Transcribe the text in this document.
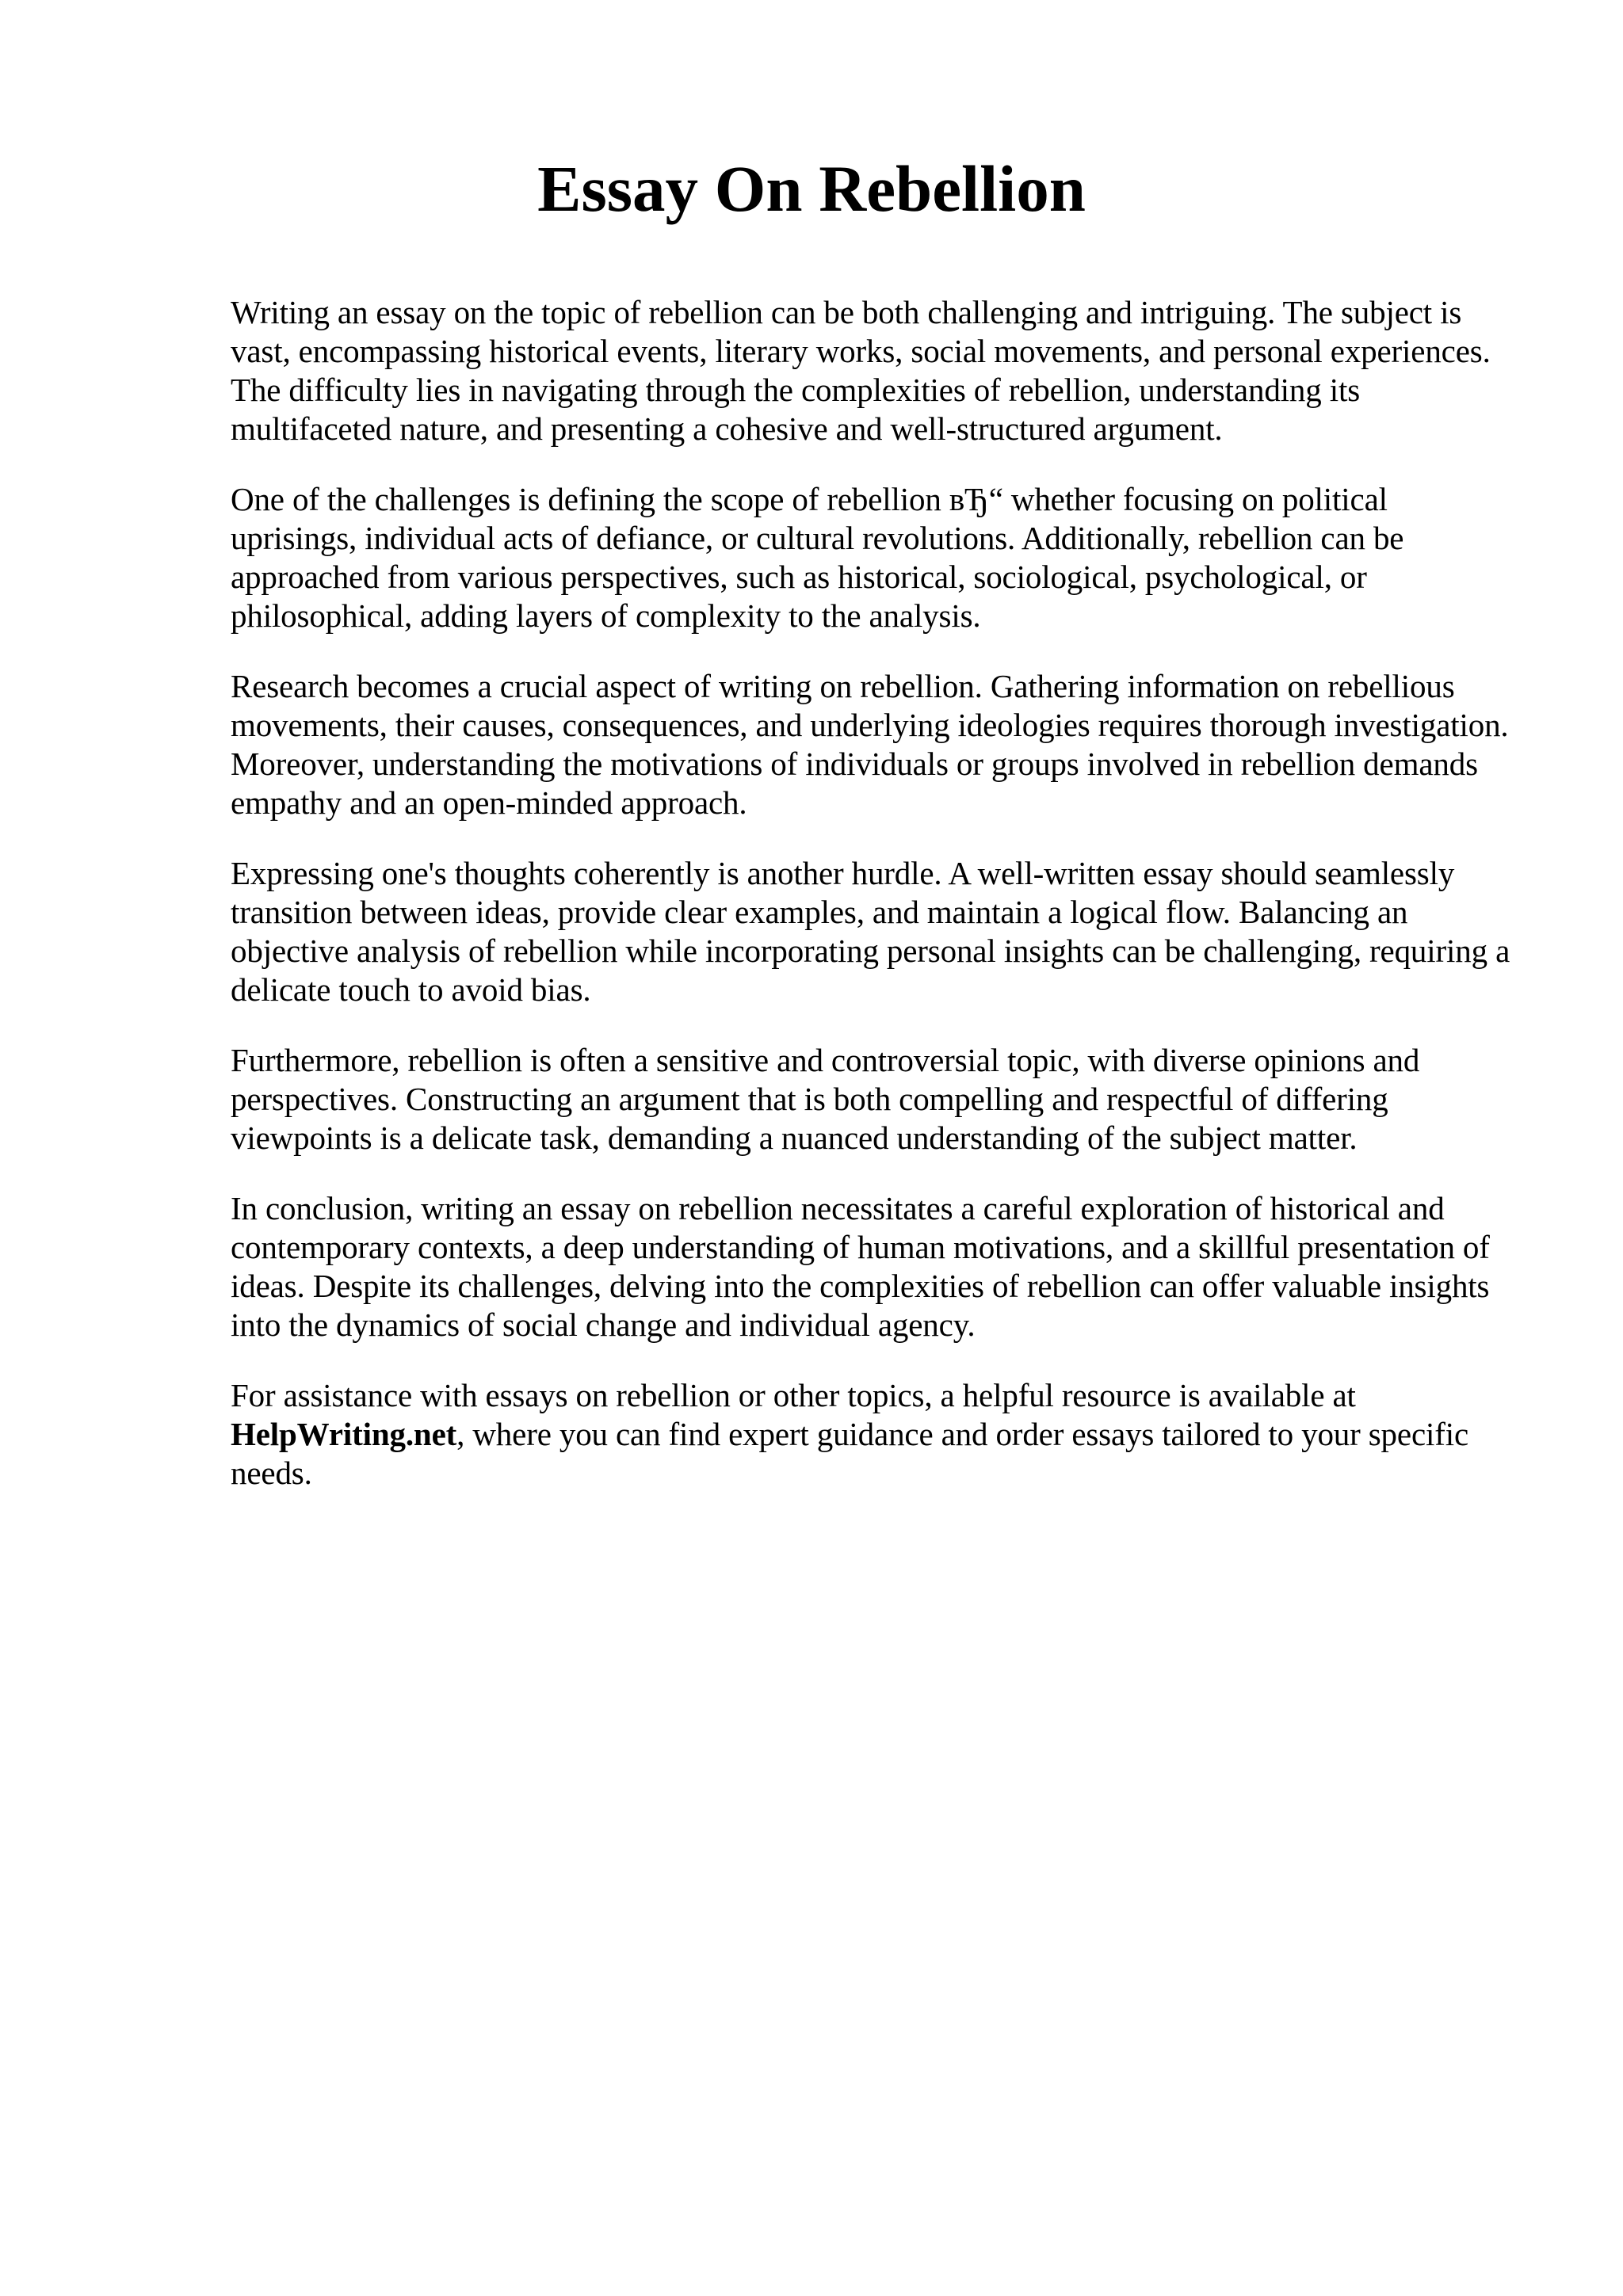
Essay On Rebellion

Writing an essay on the topic of rebellion can be both challenging and intriguing. The subject is vast, encompassing historical events, literary works, social movements, and personal experiences. The difficulty lies in navigating through the complexities of rebellion, understanding its multifaceted nature, and presenting a cohesive and well-structured argument.

One of the challenges is defining the scope of rebellion вЂ“ whether focusing on political uprisings, individual acts of defiance, or cultural revolutions. Additionally, rebellion can be approached from various perspectives, such as historical, sociological, psychological, or philosophical, adding layers of complexity to the analysis.

Research becomes a crucial aspect of writing on rebellion. Gathering information on rebellious movements, their causes, consequences, and underlying ideologies requires thorough investigation. Moreover, understanding the motivations of individuals or groups involved in rebellion demands empathy and an open-minded approach.

Expressing one's thoughts coherently is another hurdle. A well-written essay should seamlessly transition between ideas, provide clear examples, and maintain a logical flow. Balancing an objective analysis of rebellion while incorporating personal insights can be challenging, requiring a delicate touch to avoid bias.

Furthermore, rebellion is often a sensitive and controversial topic, with diverse opinions and perspectives. Constructing an argument that is both compelling and respectful of differing viewpoints is a delicate task, demanding a nuanced understanding of the subject matter.

In conclusion, writing an essay on rebellion necessitates a careful exploration of historical and contemporary contexts, a deep understanding of human motivations, and a skillful presentation of ideas. Despite its challenges, delving into the complexities of rebellion can offer valuable insights into the dynamics of social change and individual agency.

For assistance with essays on rebellion or other topics, a helpful resource is available at HelpWriting.net, where you can find expert guidance and order essays tailored to your specific needs.
